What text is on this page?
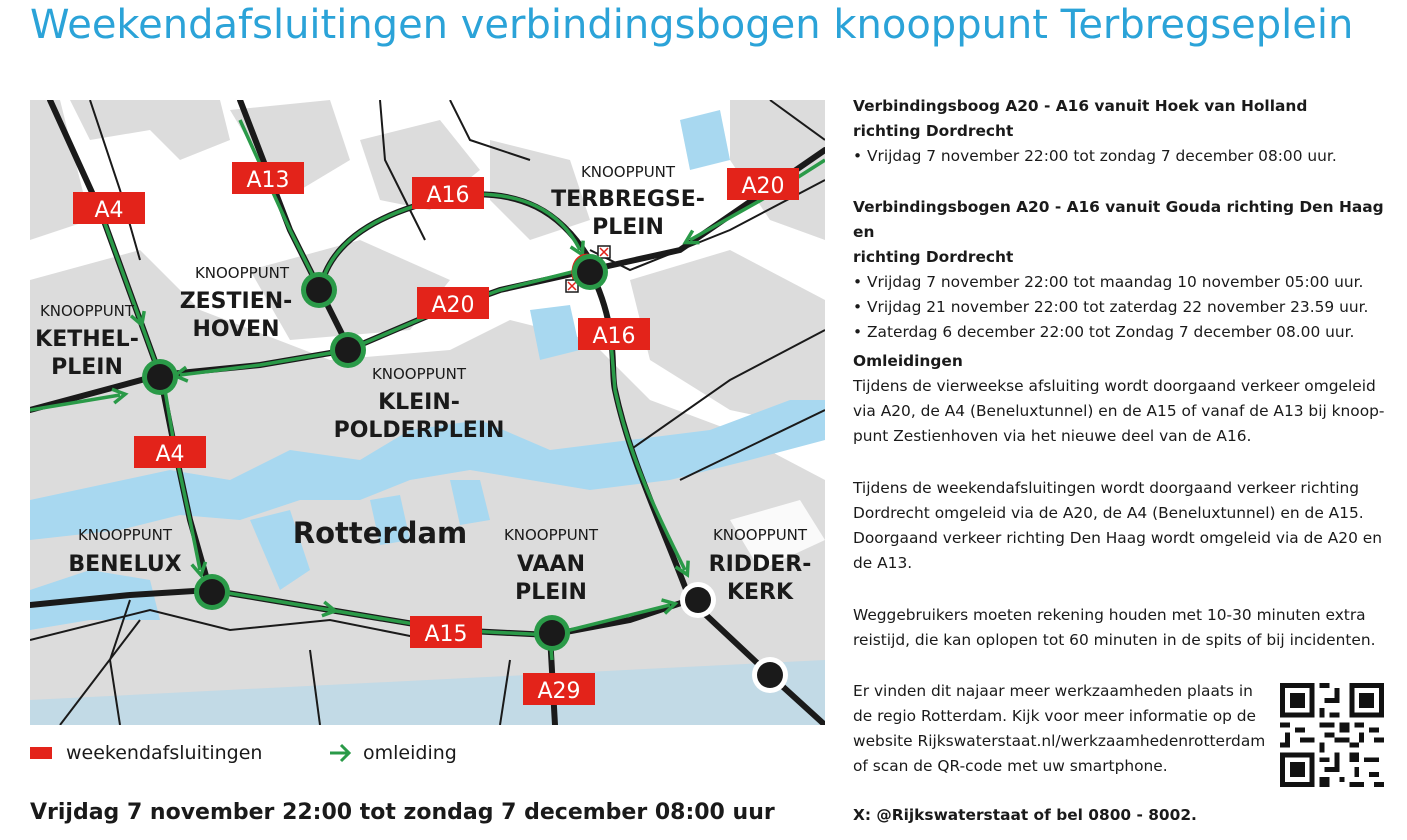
Weekendafsluitingen verbindingsbogen knooppunt Terbregseplein
A4
A13
A16	A20
A20
A16
A4
A15
A29
KNOOPPUNT
TERBREGSE-
PLEIN
KNOOPPUNT
ZESTIEN-
HOVEN
KNOOPPUNT
KETHEL-
PLEIN	KNOOPPUNT
KLEIN-
POLDERPLEIN
KNOOPPUNT
BENELUX
KNOOPPUNT
VAAN
PLEIN
KNOOPPUNT
RIDDER-
KERK
Rotterdam
weekendafsluitingen	omleiding
Vrijdag 7 november 22:00 tot zondag 7 december 08:00 uur
Verbindingsboog A20 - A16 vanuit Hoek van Holland
richting Dordrecht
• Vrijdag 7 november 22:00 tot zondag 7 december 08:00 uur.
Verbindingsbogen A20 - A16 vanuit Gouda richting Den Haag en
richting Dordrecht
• Vrijdag 7 november 22:00 tot maandag 10 november 05:00 uur.
• Vrijdag 21 november 22:00 tot zaterdag 22 november 23.59 uur.
• Zaterdag 6 december 22:00 tot Zondag 7 december 08.00 uur.
Omleidingen

Tijdens de vierweekse afsluiting wordt doorgaand verkeer omgeleid

via A20, de A4 (Beneluxtunnel) en de A15 of vanaf de A13 bij knoop-

punt Zestienhoven via het nieuwe deel van de A16.

Tijdens de weekendafsluitingen wordt doorgaand verkeer richting

Dordrecht omgeleid via de A20, de A4 (Beneluxtunnel) en de A15.

Doorgaand verkeer richting Den Haag wordt omgeleid via de A20 en

de A13.

Weggebruikers moeten rekening houden met 10-30 minuten extra

reistijd, die kan oplopen tot 60 minuten in de spits of bij incidenten.

Er vinden dit najaar meer werkzaamheden plaats in

de regio Rotterdam. Kijk voor meer informatie op de

website Rijkswaterstaat.nl/werkzaamhedenrotterdam

of scan de QR-code met uw smartphone.

X: @Rijkswaterstaat of bel 0800 - 8002.
